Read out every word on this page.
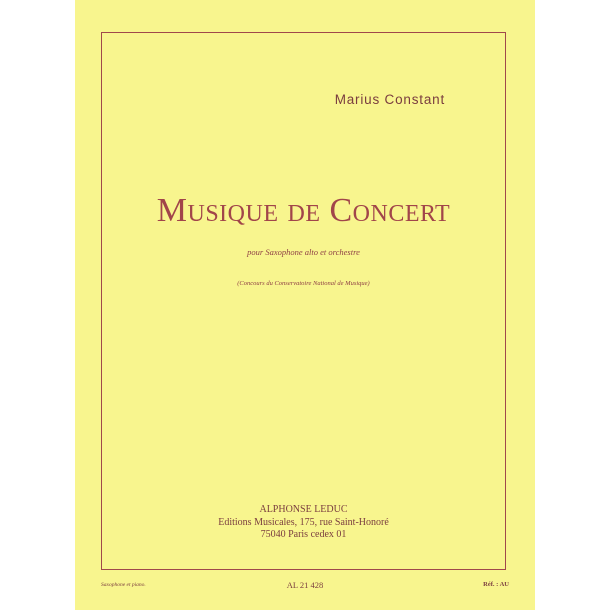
Marius Constant
Musique de Concert
pour Saxophone alto et orchestre
(Concours du Conservatoire National de Musique)
ALPHONSE LEDUC
Editions Musicales, 175, rue Saint-Honoré
75040 Paris cedex 01
Saxophone et piano.	AL 21 428	Réf. : AU
